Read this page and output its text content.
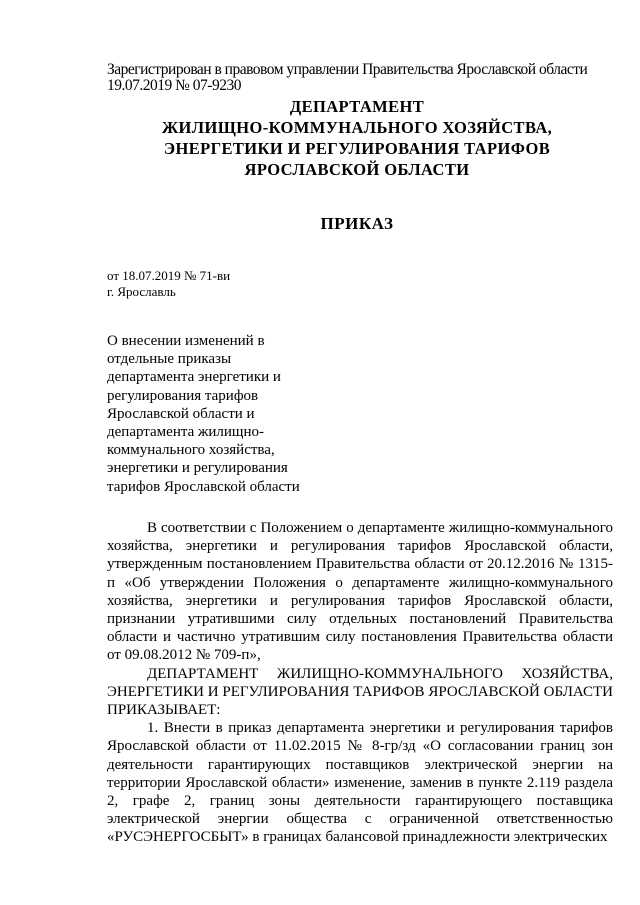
Зарегистрирован в правовом управлении Правительства Ярославской области
19.07.2019 № 07-9230
ДЕПАРТАМЕНТ
ЖИЛИЩНО-КОММУНАЛЬНОГО ХОЗЯЙСТВА,
ЭНЕРГЕТИКИ И РЕГУЛИРОВАНИЯ ТАРИФОВ
ЯРОСЛАВСКОЙ ОБЛАСТИ
ПРИКАЗ
от 18.07.2019 № 71-ви
г. Ярославль
О внесении изменений в
отдельные приказы
департамента энергетики и
регулирования тарифов
Ярославской области и
департамента жилищно-
коммунального хозяйства,
энергетики и регулирования
тарифов Ярославской области

В соответствии с Положением о департаменте жилищно-коммунального хозяйства, энергетики и регулирования тарифов Ярославской области, утвержденным постановлением Правительства области от 20.12.2016 № 1315-п «Об утверждении Положения о департаменте жилищно-коммунального хозяйства, энергетики и регулирования тарифов Ярославской области, признании утратившими силу отдельных постановлений Правительства области и частично утратившим силу постановления Правительства области от 09.08.2012 № 709-п»,

ДЕПАРТАМЕНТ ЖИЛИЩНО-КОММУНАЛЬНОГО ХОЗЯЙСТВА, ЭНЕРГЕТИКИ И РЕГУЛИРОВАНИЯ ТАРИФОВ ЯРОСЛАВСКОЙ ОБЛАСТИ ПРИКАЗЫВАЕТ:

1. Внести в приказ департамента энергетики и регулирования тарифов Ярославской области от 11.02.2015 № 8-гр/зд «О согласовании границ зон деятельности гарантирующих поставщиков электрической энергии на территории Ярославской области» изменение, заменив в пункте 2.119 раздела 2, графе 2, границ зоны деятельности гарантирующего поставщика электрической энергии общества с ограниченной ответственностью «РУСЭНЕРГОСБЫТ» в границах балансовой принадлежности электрических
